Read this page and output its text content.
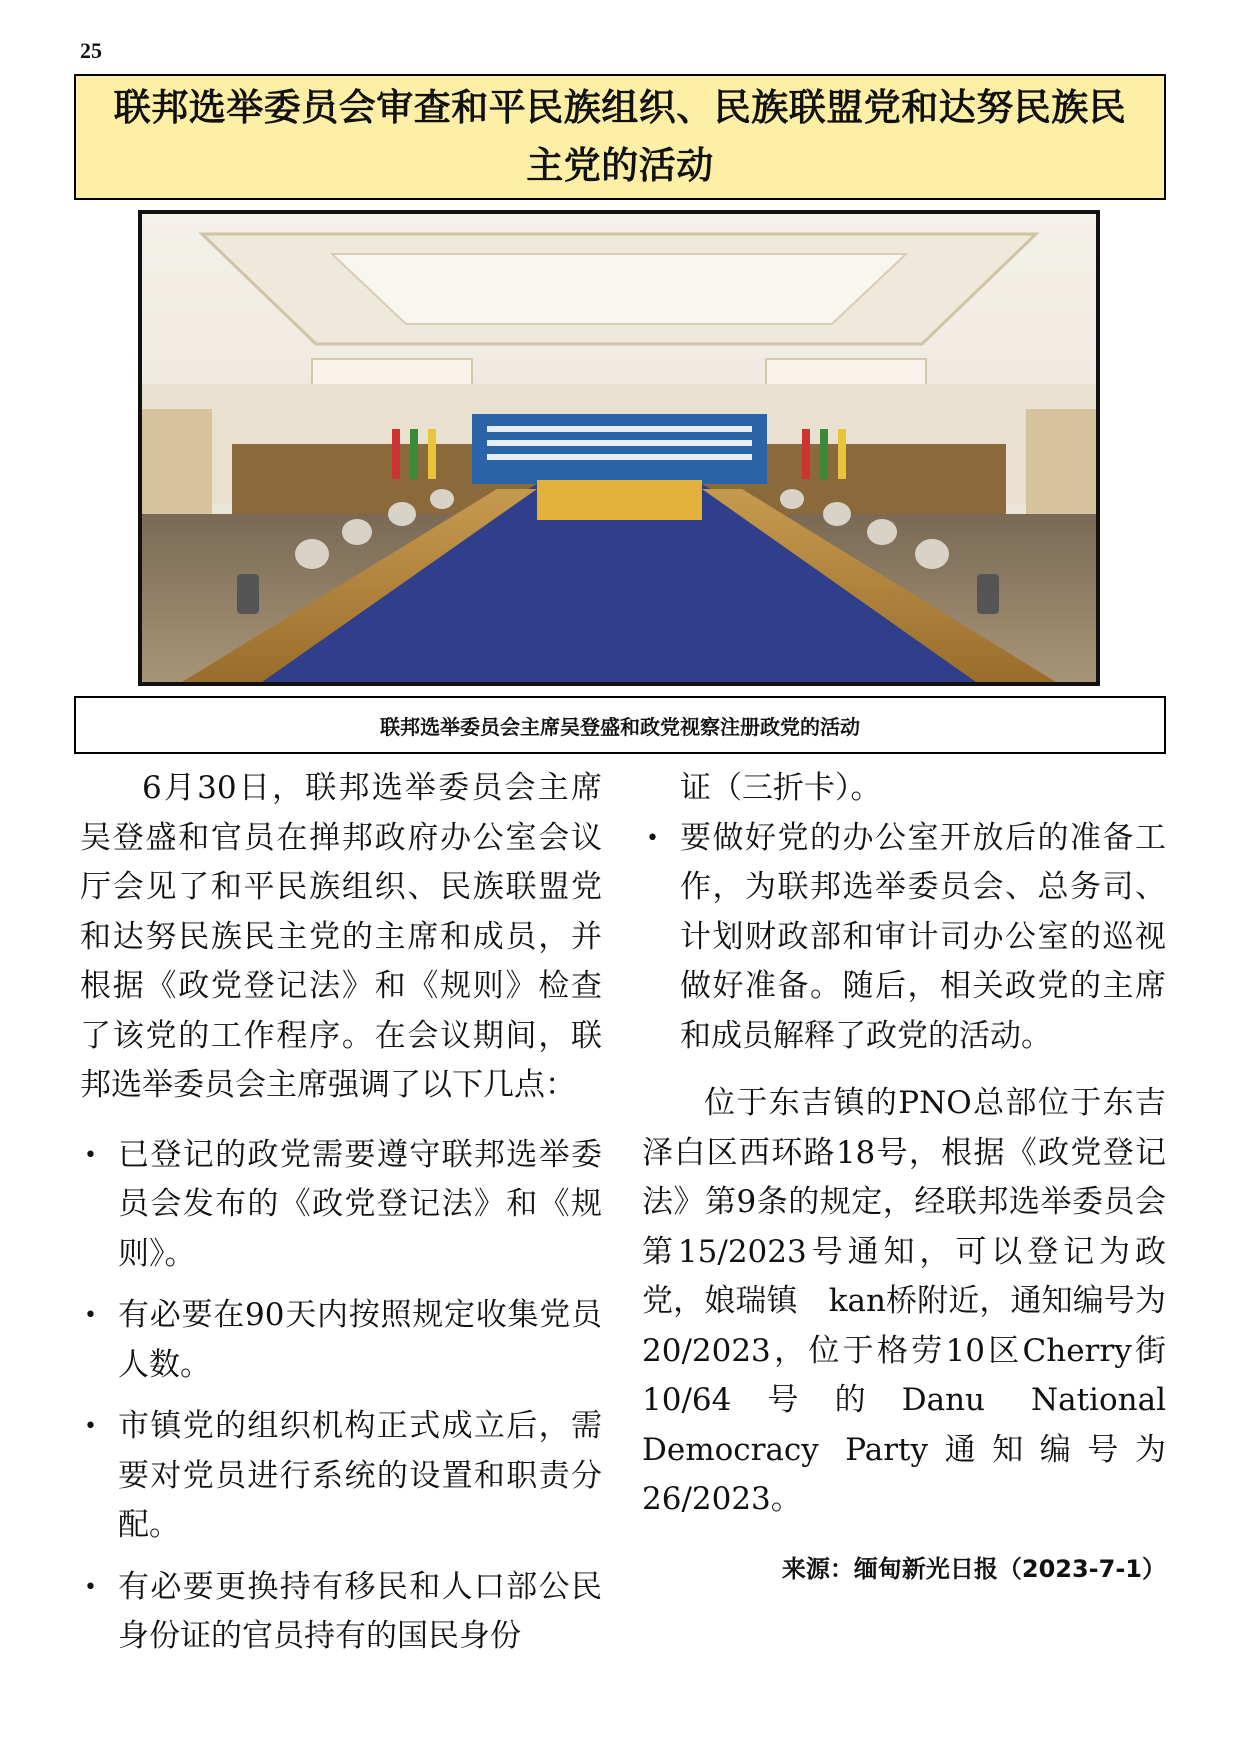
25
联邦选举委员会审查和平民族组织、民族联盟党和达努民族民主党的活动
联邦选举委员会主席吴登盛和政党视察注册政党的活动

6月30日，联邦选举委员会主席吴登盛和官员在掸邦政府办公室会议厅会见了和平民族组织、民族联盟党和达努民族民主党的主席和成员，并根据《政党登记法》和《规则》检查了该党的工作程序。在会议期间，联邦选举委员会主席强调了以下几点：

• 已登记的政党需要遵守联邦选举委员会发布的《政党登记法》和《规则》。
• 有必要在90天内按照规定收集党员人数。
• 市镇党的组织机构正式成立后，需要对党员进行系统的设置和职责分配。
• 有必要更换持有移民和人口部公民身份证的官员持有的国民身份

证（三折卡）。

• 要做好党的办公室开放后的准备工作，为联邦选举委员会、总务司、计划财政部和审计司办公室的巡视做好准备。随后，相关政党的主席和成员解释了政党的活动。

位于东吉镇的PNO总部位于东吉泽白区西环路18号，根据《政党登记法》第9条的规定，经联邦选举委员会第15/2023号通知，可以登记为政党，娘瑞镇　kan桥附近，通知编号为20/2023，位于格劳10区Cherry街10/64号的Danu National Democracy Party通知编号为26/2023。

来源：缅甸新光日报（2023-7-1）
